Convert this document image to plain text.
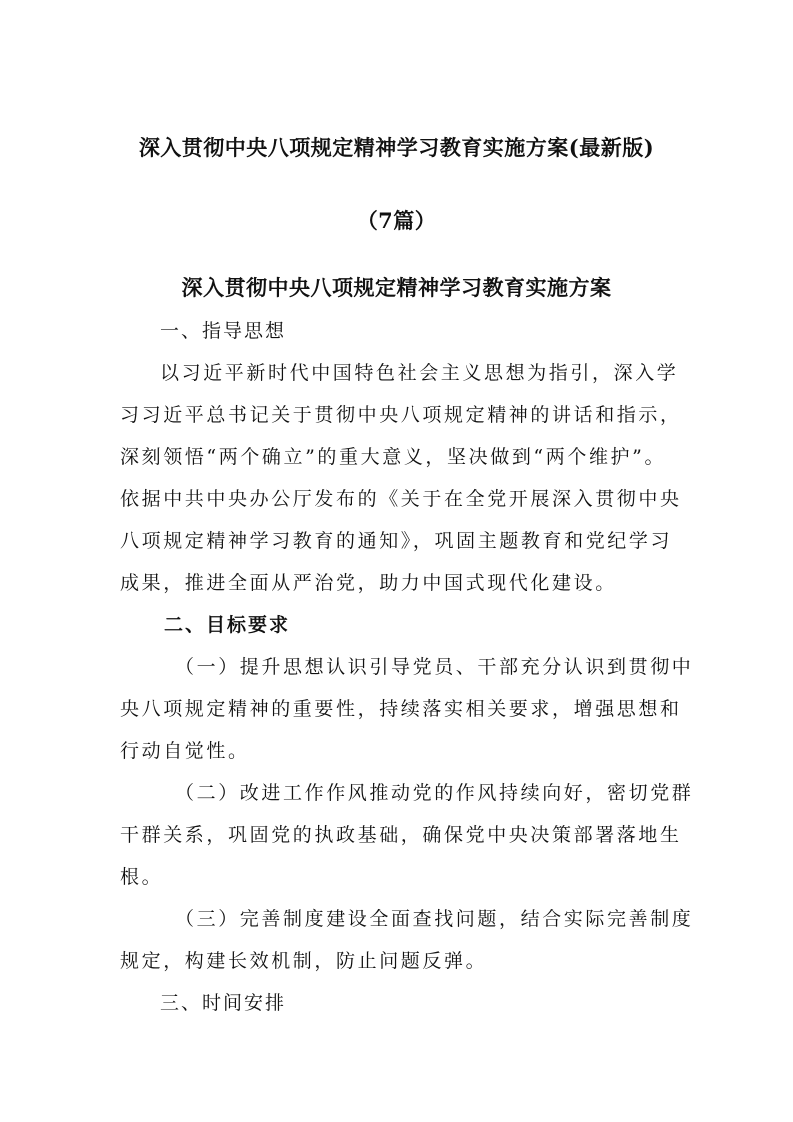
深入贯彻中央八项规定精神学习教育实施方案(最新版)
（7篇）
深入贯彻中央八项规定精神学习教育实施方案
一、指导思想
以习近平新时代中国特色社会主义思想为指引，深入学
习习近平总书记关于贯彻中央八项规定精神的讲话和指示，
深刻领悟“两个确立”的重大意义，坚决做到“两个维护”。
依据中共中央办公厅发布的《关于在全党开展深入贯彻中央
八项规定精神学习教育的通知》，巩固主题教育和党纪学习
成果，推进全面从严治党，助力中国式现代化建设。
二、目标要求
（一）提升思想认识引导党员、干部充分认识到贯彻中
央八项规定精神的重要性，持续落实相关要求，增强思想和
行动自觉性。
（二）改进工作作风推动党的作风持续向好，密切党群
干群关系，巩固党的执政基础，确保党中央决策部署落地生
根。
（三）完善制度建设全面查找问题，结合实际完善制度
规定，构建长效机制，防止问题反弹。
三、时间安排
